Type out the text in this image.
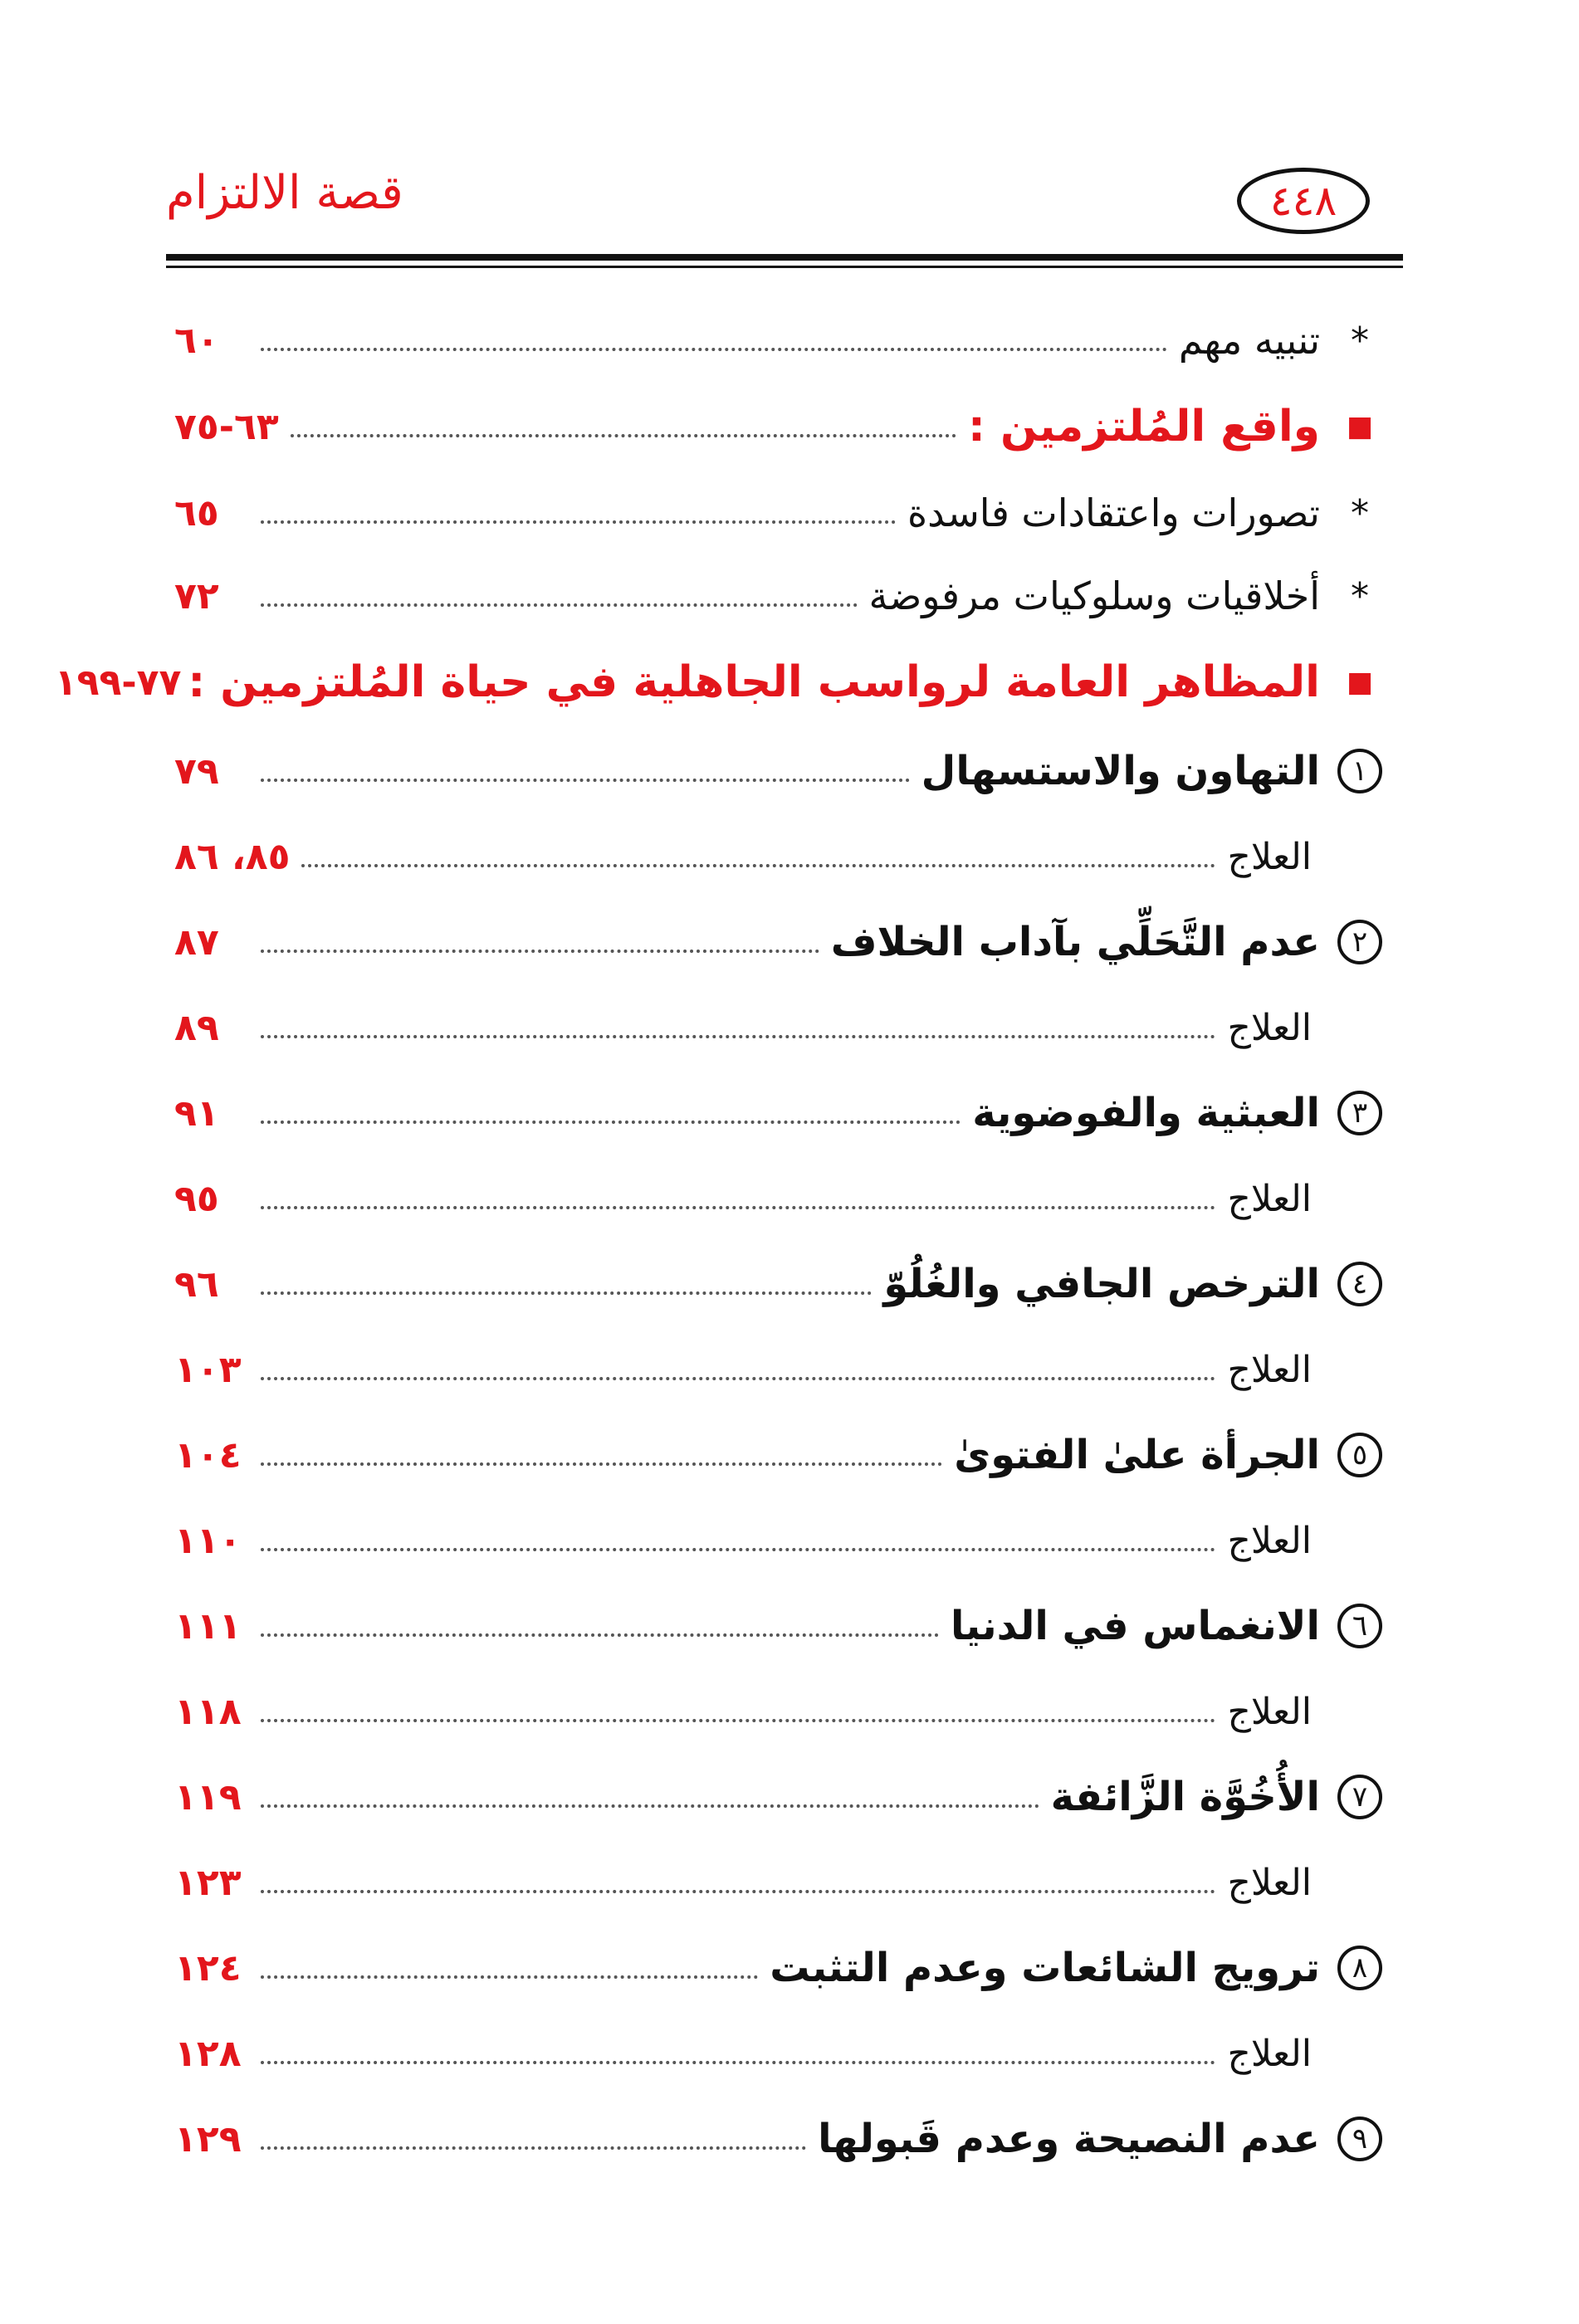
قصة الالتزام	٤٤٨
*
تنبيه مهم
٦٠
■
واقع المُلتزمين :
٦٣-٧٥
*
تصورات واعتقادات فاسدة
٦٥
*
أخلاقيات وسلوكيات مرفوضة
٧٢
■
المظاهر العامة لرواسب الجاهلية في حياة المُلتزمين :
٧٧-١٩٩
١
التهاون والاستسهال
٧٩
العلاج
٨٥، ٨٦
٢
عدم التَّحَلِّي بآداب الخلاف
٨٧
العلاج
٨٩
٣
العبثية والفوضوية
٩١
العلاج
٩٥
٤
الترخص الجافي والغُلُوّ
٩٦
العلاج
١٠٣
٥
الجرأة علىٰ الفتوىٰ
١٠٤
العلاج
١١٠
٦
الانغماس في الدنيا
١١١
العلاج
١١٨
٧
الأُخُوَّة الزَّائفة
١١٩
العلاج
١٢٣
٨
ترويج الشائعات وعدم التثبت
١٢٤
العلاج
١٢٨
٩
عدم النصيحة وعدم قَبولها
١٢٩
